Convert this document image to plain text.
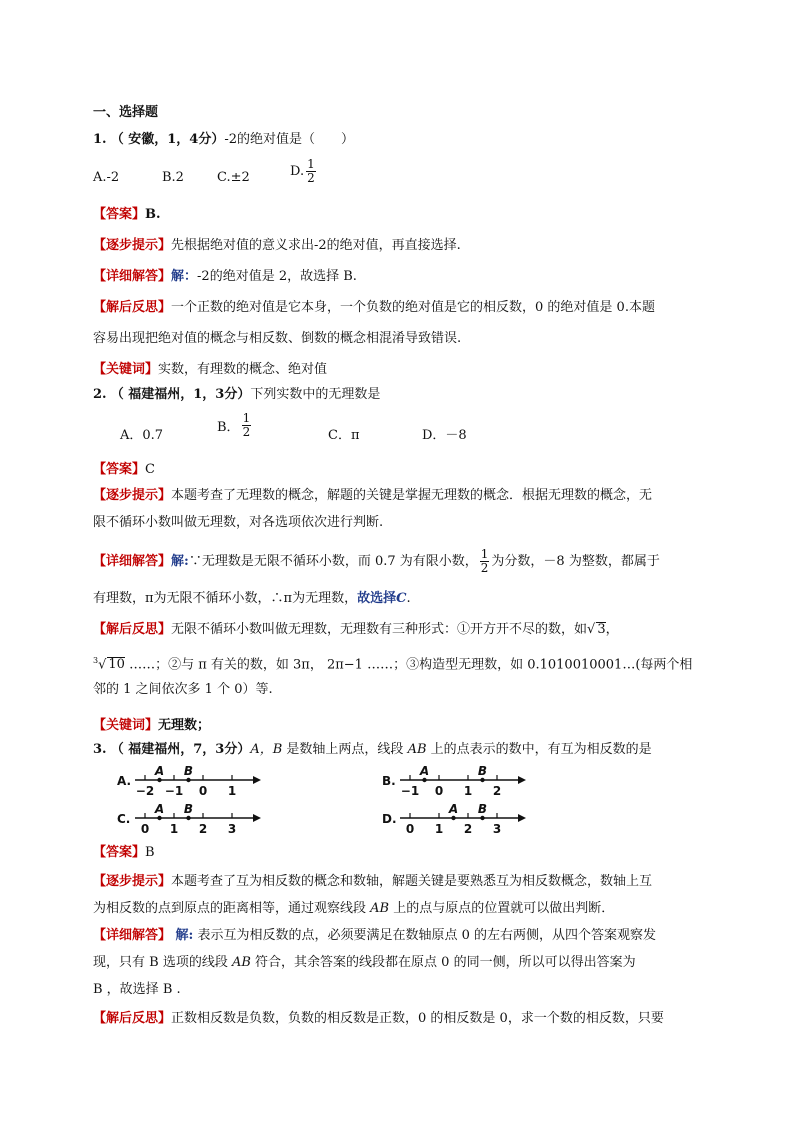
一、选择题
1. （ 安徽，1，4分）-2的绝对值是（　　）
A.-2	B.2	C.±2	D. $\frac{1}{2}$
【答案】B.
【逐步提示】先根据绝对值的意义求出-2的绝对值，再直接选择.
【详细解答】解：-2的绝对值是 2，故选择 B.
【解后反思】一个正数的绝对值是它本身，一个负数的绝对值是它的相反数，0 的绝对值是 0.本题
容易出现把绝对值的概念与相反数、倒数的概念相混淆导致错误.
【关键词】实数，有理数的概念、绝对值
2. （ 福建福州，1，3分）下列实数中的无理数是
A．0.7
B． $\frac{1}{2}$	C．π	D．－8
【答案】C
【逐步提示】本题考查了无理数的概念，解题的关键是掌握无理数的概念．根据无理数的概念，无
限不循环小数叫做无理数，对各选项依次进行判断.
【详细解答】解:∵无理数是无限不循环小数，而 0.7 为有限小数， $\frac{1}{2}$ 为分数，－8 为整数，都属于
有理数，π为无限不循环小数，∴π为无理数，故选择C.
【解后反思】无限不循环小数叫做无理数，无理数有三种形式：①开方开不尽的数，如√ 3，
$^3$√ 10 ……；②与 π 有关的数，如 3π， 2π−1 ……；③构造型无理数，如 0.1010010001…(每两个相
邻的 1 之间依次多 1 个 0）等.
【关键词】无理数；
3. （ 福建福州，7，3分）A，B 是数轴上两点，线段 AB 上的点表示的数中，有互为相反数的是
A.
−2 −1 0 1
A B
B.
−1 0 1 2
A	B
C.
0 1 2 3
A B
D.
0 1 2 3
A B
【答案】B
【逐步提示】本题考查了互为相反数的概念和数轴，解题关键是要熟悉互为相反数概念，数轴上互
为相反数的点到原点的距离相等，通过观察线段 AB 上的点与原点的位置就可以做出判断．
【详细解答】 解: 表示互为相反数的点，必须要满足在数轴原点 0 的左右两侧，从四个答案观察发
现，只有 B 选项的线段 AB 符合，其余答案的线段都在原点 0 的同一侧，所以可以得出答案为
B ，故选择 B .
【解后反思】正数相反数是负数，负数的相反数是正数，0 的相反数是 0，求一个数的相反数，只要
